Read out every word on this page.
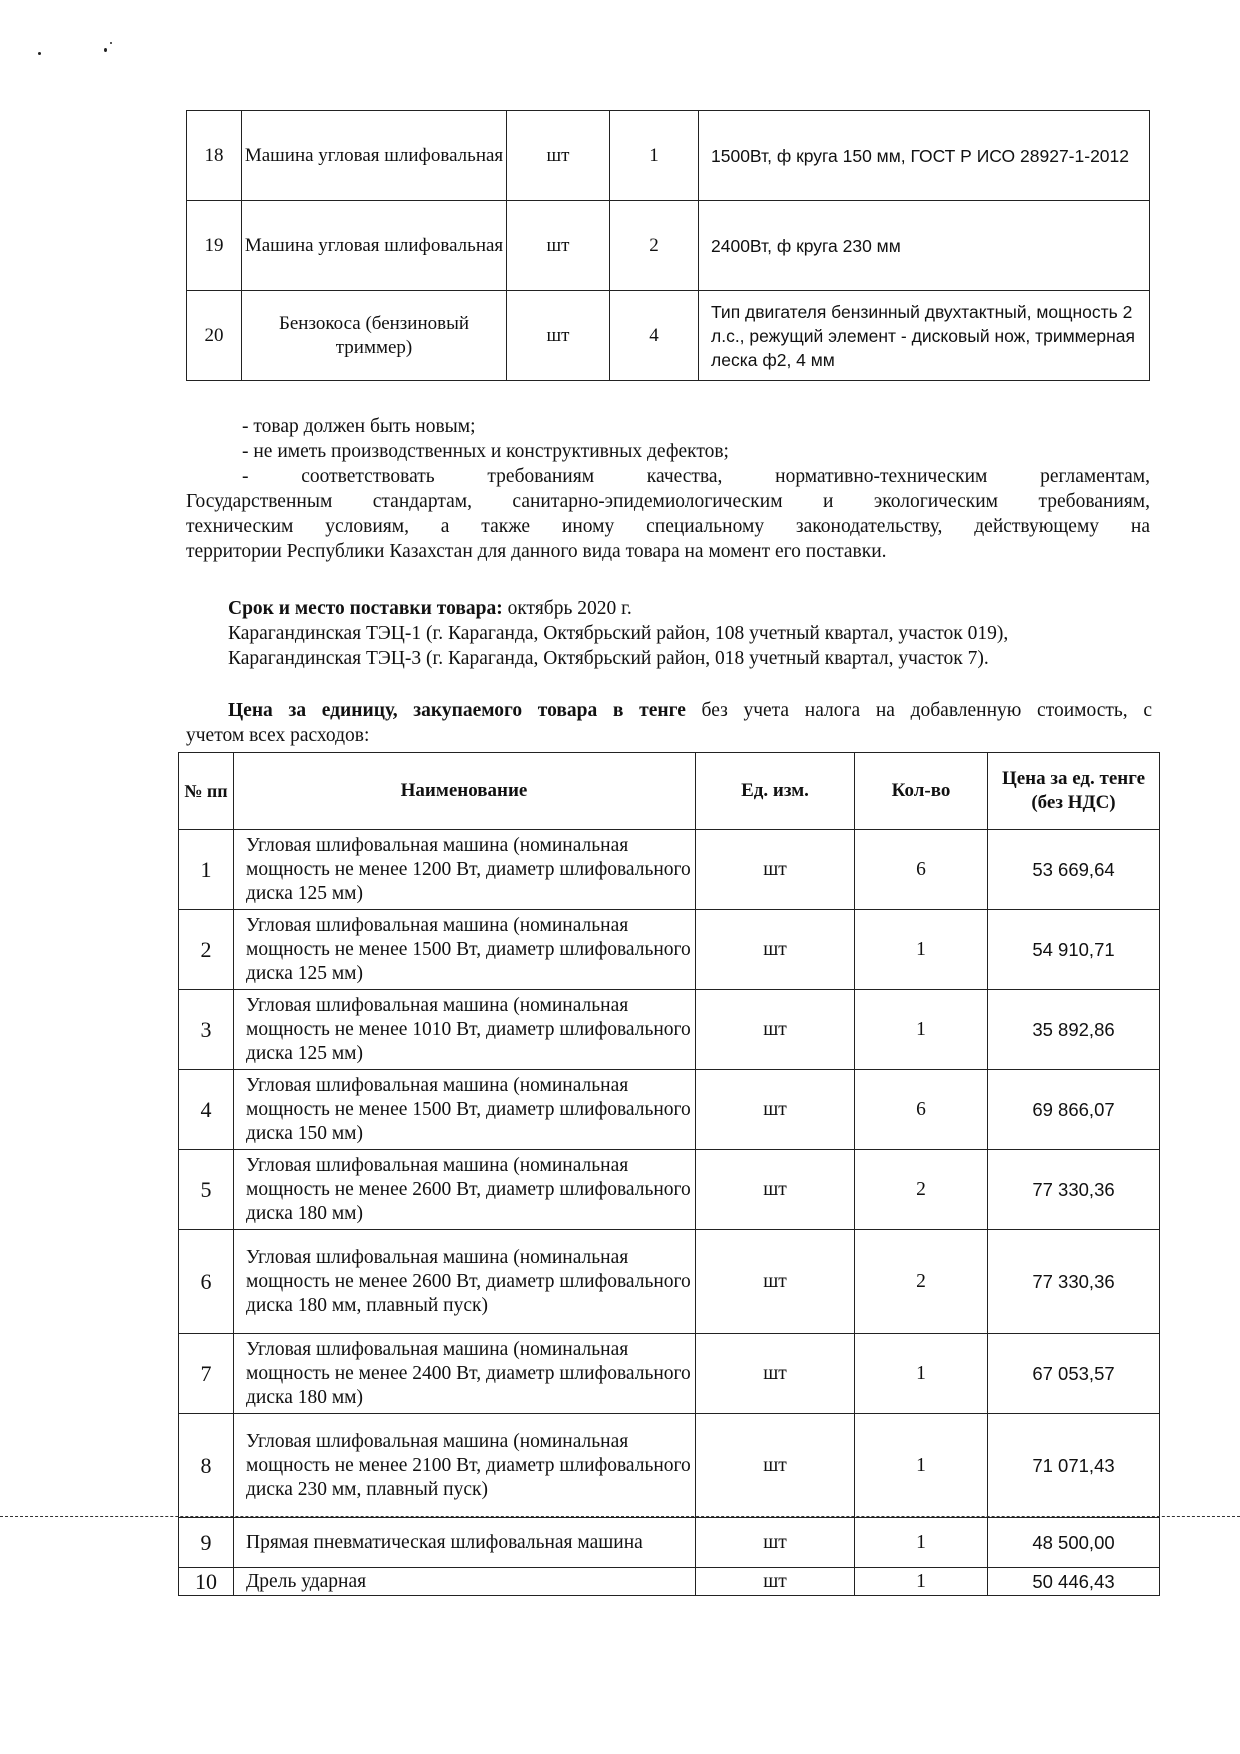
18	Машина угловая шлифовальная	шт	1	1500Вт, ф круга 150 мм, ГОСТ Р ИСО 28927-1-2012
19	Машина угловая шлифовальная	шт	2	2400Вт, ф круга 230 мм
20	Бензокоса (бензиновый триммер)	шт	4	Тип двигателя бензинный двухтактный, мощность 2 л.с., режущий элемент - дисковый нож, триммерная леска ф2, 4 мм
- товар должен быть новым;
- не иметь производственных и конструктивных дефектов;
- соответствовать требованиям качества, нормативно-техническим регламентам,
Государственным стандартам, санитарно-эпидемиологическим и экологическим требованиям,
техническим условиям, а также иному специальному законодательству, действующему на
территории Республики Казахстан для данного вида товара на момент его поставки.
Срок и место поставки товара: октябрь 2020 г.
Карагандинская ТЭЦ-1 (г. Караганда, Октябрьский район, 108 учетный квартал, участок 019),
Карагандинская ТЭЦ-3 (г. Караганда, Октябрьский район, 018 учетный квартал, участок 7).
Цена за единицу, закупаемого товара в тенге без учета налога на добавленную стоимость, с
учетом всех расходов:
№ пп	Наименование	Ед. изм.	Кол-во	Цена за ед. тенге (без НДС)
1	Угловая шлифовальная машина (номинальная мощность не менее 1200 Вт, диаметр шлифовального диска 125 мм)	шт	6	53 669,64
2	Угловая шлифовальная машина (номинальная мощность не менее 1500 Вт, диаметр шлифовального диска 125 мм)	шт	1	54 910,71
3	Угловая шлифовальная машина (номинальная мощность не менее 1010 Вт, диаметр шлифовального диска 125 мм)	шт	1	35 892,86
4	Угловая шлифовальная машина (номинальная мощность не менее 1500 Вт, диаметр шлифовального диска 150 мм)	шт	6	69 866,07
5	Угловая шлифовальная машина (номинальная мощность не менее 2600 Вт, диаметр шлифовального диска 180 мм)	шт	2	77 330,36
6	Угловая шлифовальная машина (номинальная мощность не менее 2600 Вт, диаметр шлифовального диска 180 мм, плавный пуск)	шт	2	77 330,36
7	Угловая шлифовальная машина (номинальная мощность не менее 2400 Вт, диаметр шлифовального диска 180 мм)	шт	1	67 053,57
8	Угловая шлифовальная машина (номинальная мощность не менее 2100 Вт, диаметр шлифовального диска 230 мм, плавный пуск)	шт	1	71 071,43
9	Прямая пневматическая шлифовальная машина	шт	1	48 500,00
10	Дрель ударная	шт	1	50 446,43
